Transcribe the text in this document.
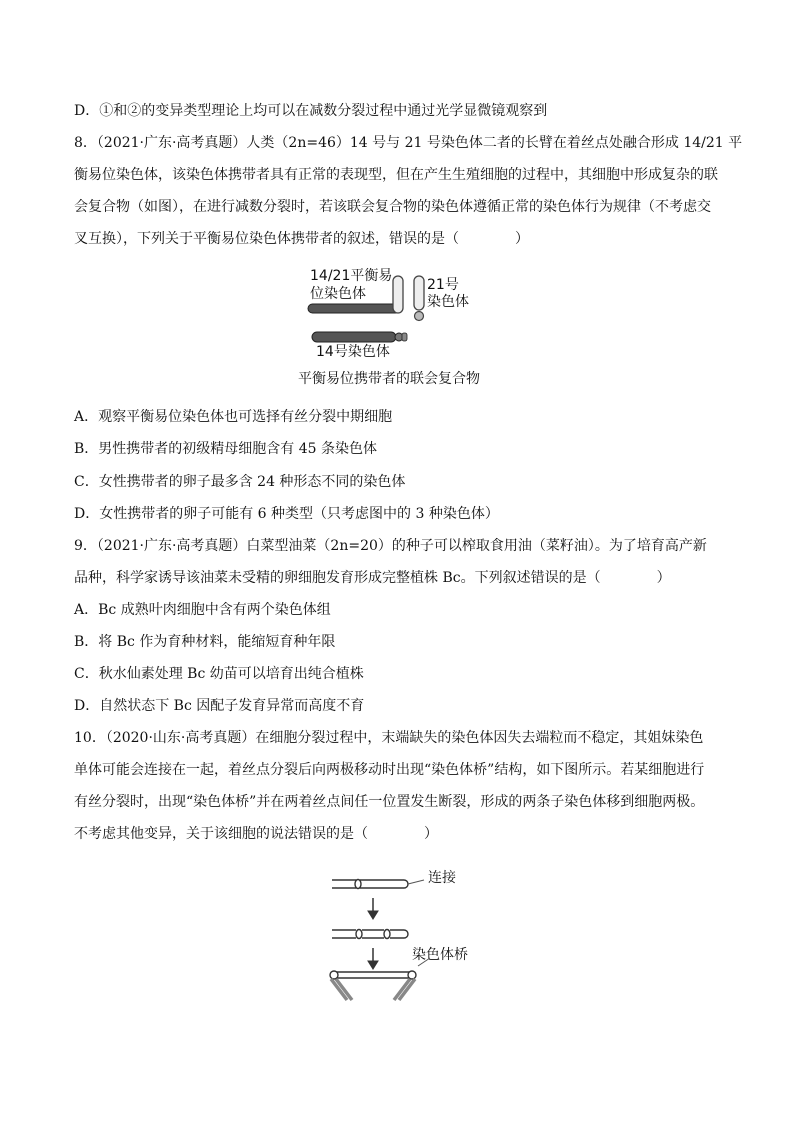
D．①和②的变异类型理论上均可以在减数分裂过程中通过光学显微镜观察到
8．（2021·广东·高考真题）人类（2n=46）14 号与 21 号染色体二者的长臂在着丝点处融合形成 14/21 平
衡易位染色体，该染色体携带者具有正常的表现型，但在产生生殖细胞的过程中，其细胞中形成复杂的联
会复合物（如图），在进行减数分裂时，若该联会复合物的染色体遵循正常的染色体行为规律（不考虑交
叉互换），下列关于平衡易位染色体携带者的叙述，错误的是（　　　　）
14/21平衡易
位染色体
21号
染色体
14号染色体
平衡易位携带者的联会复合物
A．观察平衡易位染色体也可选择有丝分裂中期细胞
B．男性携带者的初级精母细胞含有 45 条染色体
C．女性携带者的卵子最多含 24 种形态不同的染色体
D．女性携带者的卵子可能有 6 种类型（只考虑图中的 3 种染色体）
9．（2021·广东·高考真题）白菜型油菜（2n=20）的种子可以榨取食用油（菜籽油）。为了培育高产新
品种，科学家诱导该油菜未受精的卵细胞发育形成完整植株 Bc。下列叙述错误的是（　　　　）
A．Bc 成熟叶肉细胞中含有两个染色体组
B．将 Bc 作为育种材料，能缩短育种年限
C．秋水仙素处理 Bc 幼苗可以培育出纯合植株
D．自然状态下 Bc 因配子发育异常而高度不育
10．（2020·山东·高考真题）在细胞分裂过程中，末端缺失的染色体因失去端粒而不稳定，其姐妹染色
单体可能会连接在一起，着丝点分裂后向两极移动时出现“染色体桥”结构，如下图所示。若某细胞进行
有丝分裂时，出现“染色体桥”并在两着丝点间任一位置发生断裂，形成的两条子染色体移到细胞两极。
不考虑其他变异，关于该细胞的说法错误的是（　　　　）
连接
染色体桥
